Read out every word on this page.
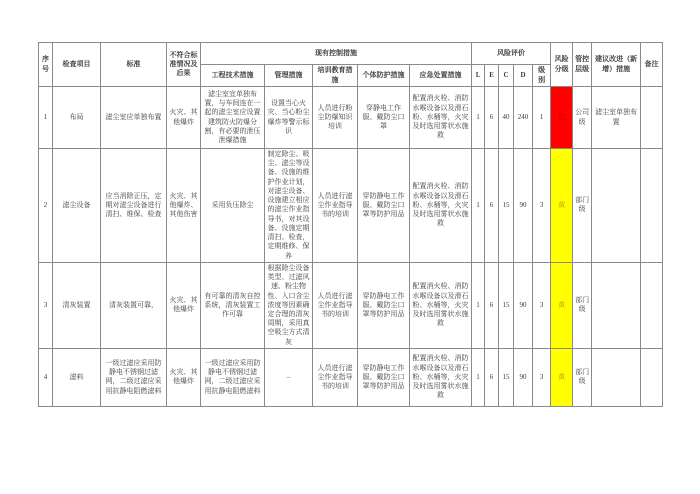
序号	检查项目	标准	不符合标准情况及后果	现有控制措施					风险评价					风险分级	管控层级	建议改进（新增）措施	备注
				工程技术措施	管理措施	培训教育措施	个体防护措施	应急处置措施	L	E	C	D	级别				
1	布局	滤尘室应单独布置	火灾、其他爆炸	滤尘室宜单独布置，与车间连在一起的滤尘室应设置建筑防火防爆分割，有必要的泄压泄爆措施	设置当心火灾、当心粉尘爆炸等警示标识	人员进行粉尘防爆知识培训	穿静电工作服、戴防尘口罩	配置消火栓、消防水喉设备以及滑石粉、水桶等，火灾及时选用雾状水施救	1	6	40	240	1	红	公司级	滤尘室单独布置	
2	滤尘设备	应当消除正压，定期对滤尘设备进行清扫、维保、检查	火灾、其他爆炸、其他伤害	采用负压除尘	制定除尘、吸尘、滤尘等设备、设施的维护作业计划，对滤尘设备、设施建立相应的滤尘作业指导书，对其设备、设施定期清扫、检查，定期维修、保养	人员进行滤尘作业指导书的培训	穿防静电工作服、戴防尘口罩等防护用品	配置消火栓、消防水喉设备以及滑石粉、水桶等，火灾及时选用雾状水施救	1	6	15	90	3	黄	部门级		
3	清灰装置	清灰装置可靠，	火灾、其他爆炸	有可靠的清灰自控系统，清灰装置工作可靠	根据除尘设备类型、过滤风速、粉尘物性、入口含尘浓度等因素确定合理的清灰周期，采用真空吸尘方式清灰	人员进行滤尘作业指导书的培训	穿防静电工作服、戴防尘口罩等防护用品	配置消火栓、消防水喉设备以及滑石粉、水桶等，火灾及时选用雾状水施救	1	6	15	90	3	黄	部门级		
4	滤料	一级过滤应采用防静电不锈钢过滤网，二级过滤应采用抗静电阻燃滤料	火灾、其他爆炸	一级过滤应采用防静电不锈钢过滤网，二级过滤应采用抗静电阻燃滤料	–	人员进行滤尘作业指导书的培训	穿防静电工作服、戴防尘口罩等防护用品	配置消火栓、消防水喉设备以及滑石粉、水桶等，火灾及时选用雾状水施救	1	6	15	90	3	黄	部门级		
